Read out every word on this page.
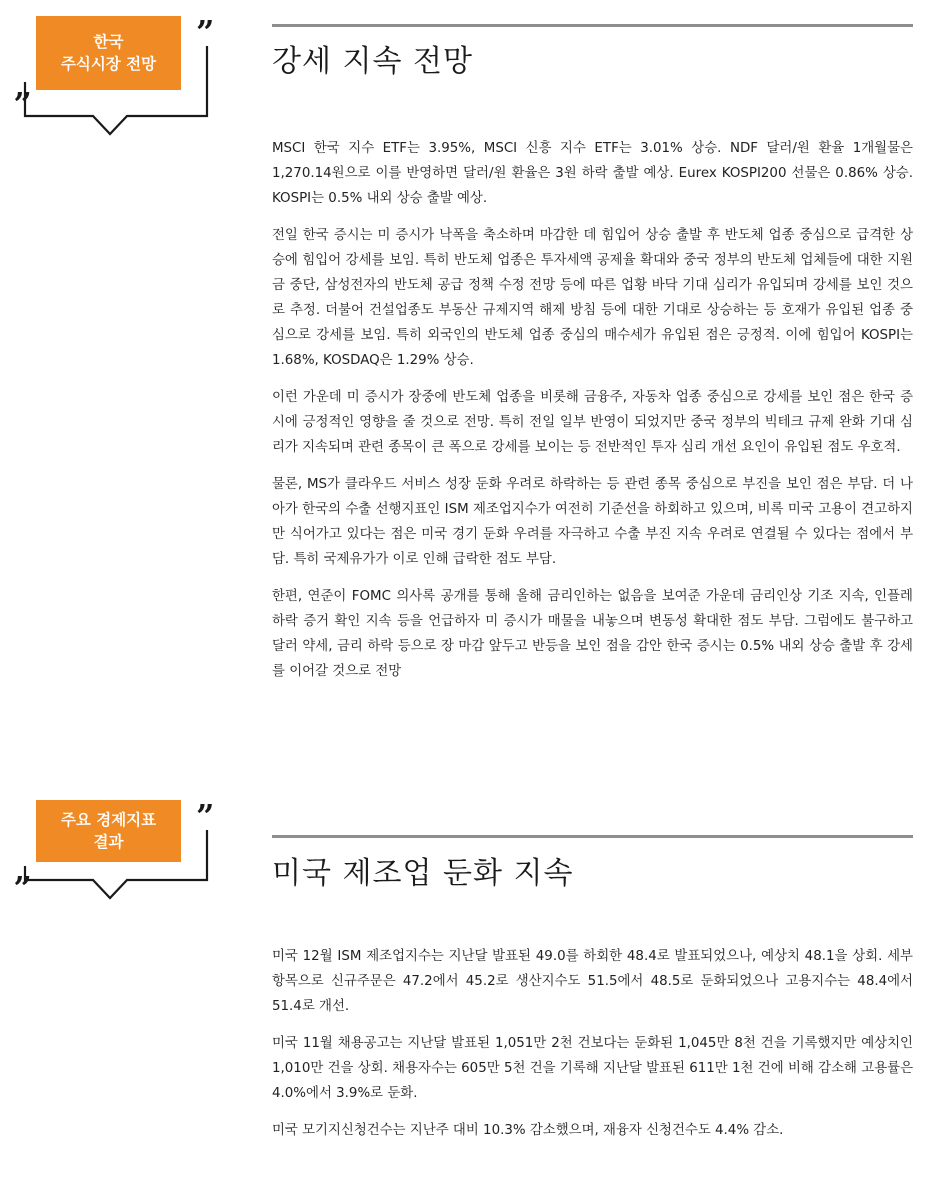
한국
주식시장 전망
”
„
강세 지속 전망

MSCI 한국 지수 ETF는 3.95%, MSCI 신흥 지수 ETF는 3.01% 상승. NDF 달러/원 환율 1개월물은 1,270.14원으로 이를 반영하면 달러/원 환율은 3원 하락 출발 예상. Eurex KOSPI200 선물은 0.86% 상승. KOSPI는 0.5% 내외 상승 출발 예상.

전일 한국 증시는 미 증시가 낙폭을 축소하며 마감한 데 힘입어 상승 출발 후 반도체 업종 중심으로 급격한 상승에 힘입어 강세를 보임. 특히 반도체 업종은 투자세액 공제율 확대와 중국 정부의 반도체 업체들에 대한 지원금 중단, 삼성전자의 반도체 공급 정책 수정 전망 등에 따른 업황 바닥 기대 심리가 유입되며 강세를 보인 것으로 추정. 더불어 건설업종도 부동산 규제지역 해제 방침 등에 대한 기대로 상승하는 등 호재가 유입된 업종 중심으로 강세를 보임. 특히 외국인의 반도체 업종 중심의 매수세가 유입된 점은 긍정적. 이에 힘입어 KOSPI는 1.68%, KOSDAQ은 1.29% 상승.

이런 가운데 미 증시가 장중에 반도체 업종을 비롯해 금융주, 자동차 업종 중심으로 강세를 보인 점은 한국 증시에 긍정적인 영향을 줄 것으로 전망. 특히 전일 일부 반영이 되었지만 중국 정부의 빅테크 규제 완화 기대 심리가 지속되며 관련 종목이 큰 폭으로 강세를 보이는 등 전반적인 투자 심리 개선 요인이 유입된 점도 우호적.

물론, MS가 클라우드 서비스 성장 둔화 우려로 하락하는 등 관련 종목 중심으로 부진을 보인 점은 부담. 더 나아가 한국의 수출 선행지표인 ISM 제조업지수가 여전히 기준선을 하회하고 있으며, 비록 미국 고용이 견고하지만 식어가고 있다는 점은 미국 경기 둔화 우려를 자극하고 수출 부진 지속 우려로 연결될 수 있다는 점에서 부담. 특히 국제유가가 이로 인해 급락한 점도 부담.

한편, 연준이 FOMC 의사록 공개를 통해 올해 금리인하는 없음을 보여준 가운데 금리인상 기조 지속, 인플레 하락 증거 확인 지속 등을 언급하자 미 증시가 매물을 내놓으며 변동성 확대한 점도 부담. 그럼에도 불구하고 달러 약세, 금리 하락 등으로 장 마감 앞두고 반등을 보인 점을 감안 한국 증시는 0.5% 내외 상승 출발 후 강세를 이어갈 것으로 전망

주요 경제지표
결과
”
„	미국 제조업 둔화 지속

미국 12월 ISM 제조업지수는 지난달 발표된 49.0를 하회한 48.4로 발표되었으나, 예상치 48.1을 상회. 세부항목으로 신규주문은 47.2에서 45.2로 생산지수도 51.5에서 48.5로 둔화되었으나 고용지수는 48.4에서 51.4로 개선.

미국 11월 채용공고는 지난달 발표된 1,051만 2천 건보다는 둔화된 1,045만 8천 건을 기록했지만 예상치인 1,010만 건을 상회. 채용자수는 605만 5천 건을 기록해 지난달 발표된 611만 1천 건에 비해 감소해 고용률은 4.0%에서 3.9%로 둔화.

미국 모기지신청건수는 지난주 대비 10.3% 감소했으며, 재융자 신청건수도 4.4% 감소.
